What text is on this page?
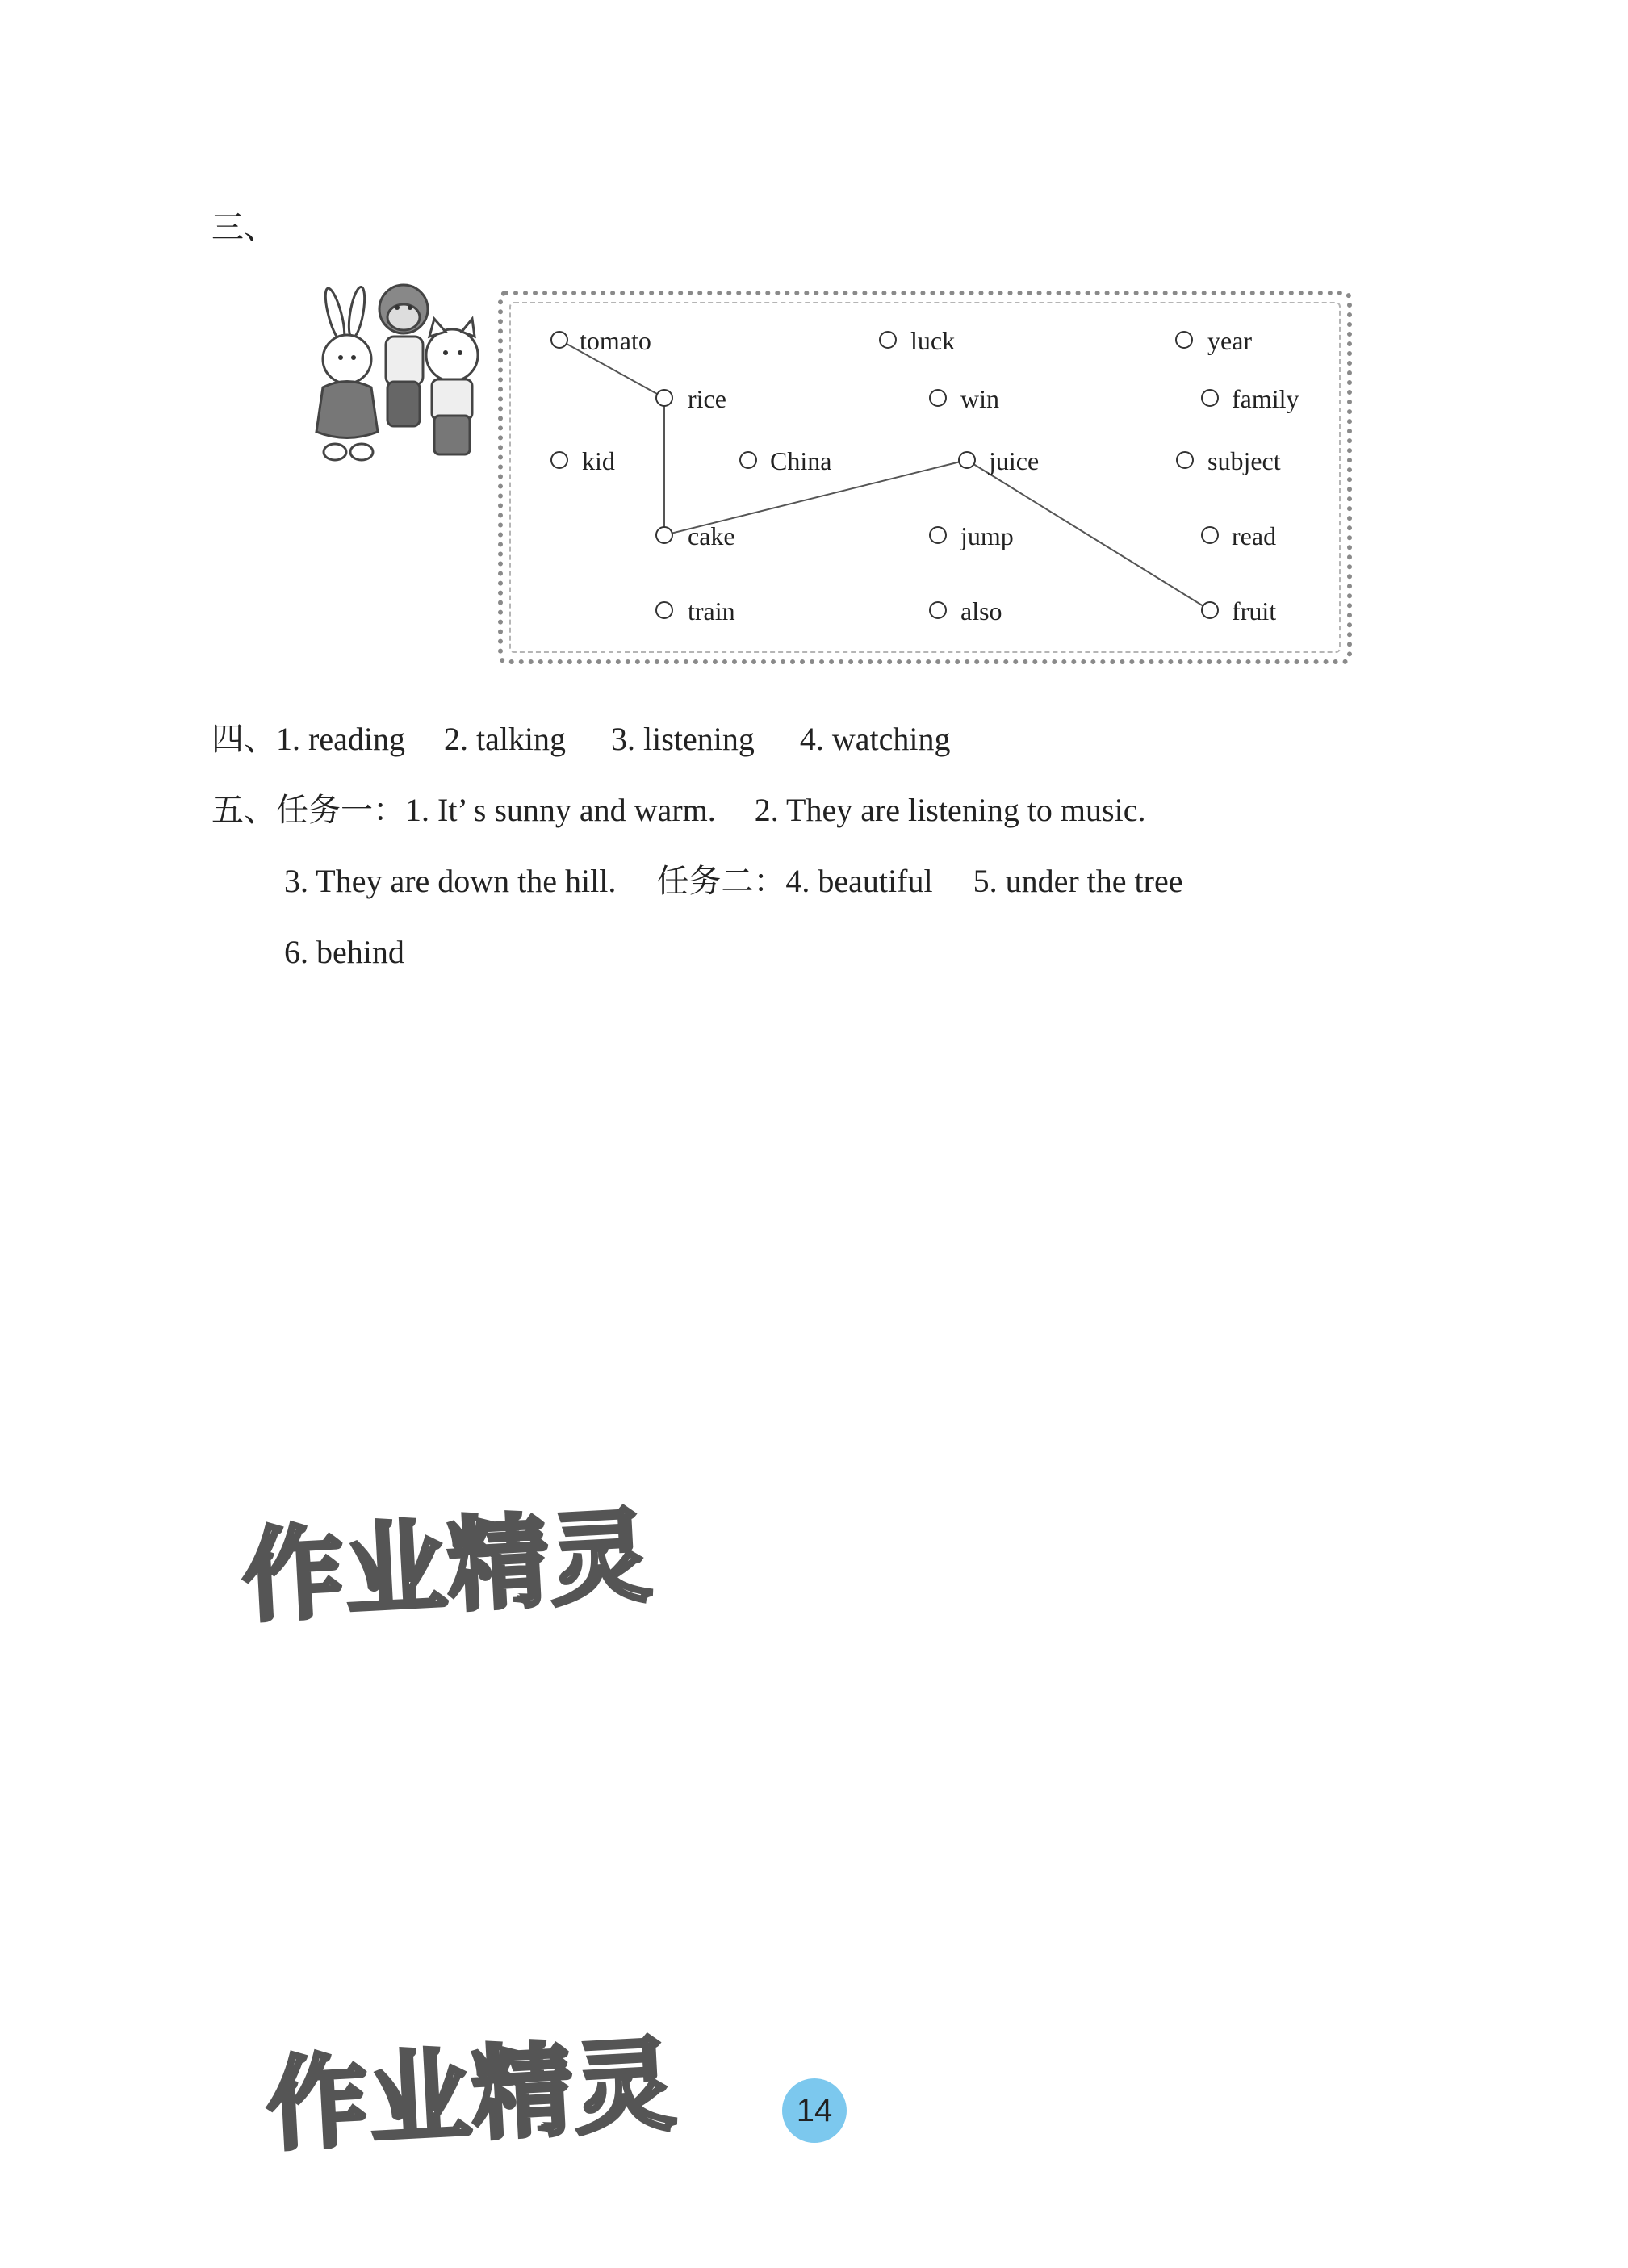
三、
tomato	luck	year
rice	win	family
kid	China	juice	subject
cake	jump	read
train	also	fruit
四、1. reading 2. talking 3. listening 4. watching
五、任务一：1. It’ s sunny and warm. 2. They are listening to music.
3. They are down the hill. 任务二：4. beautiful 5. under the tree
6. behind
作业精灵
作业精灵	14
